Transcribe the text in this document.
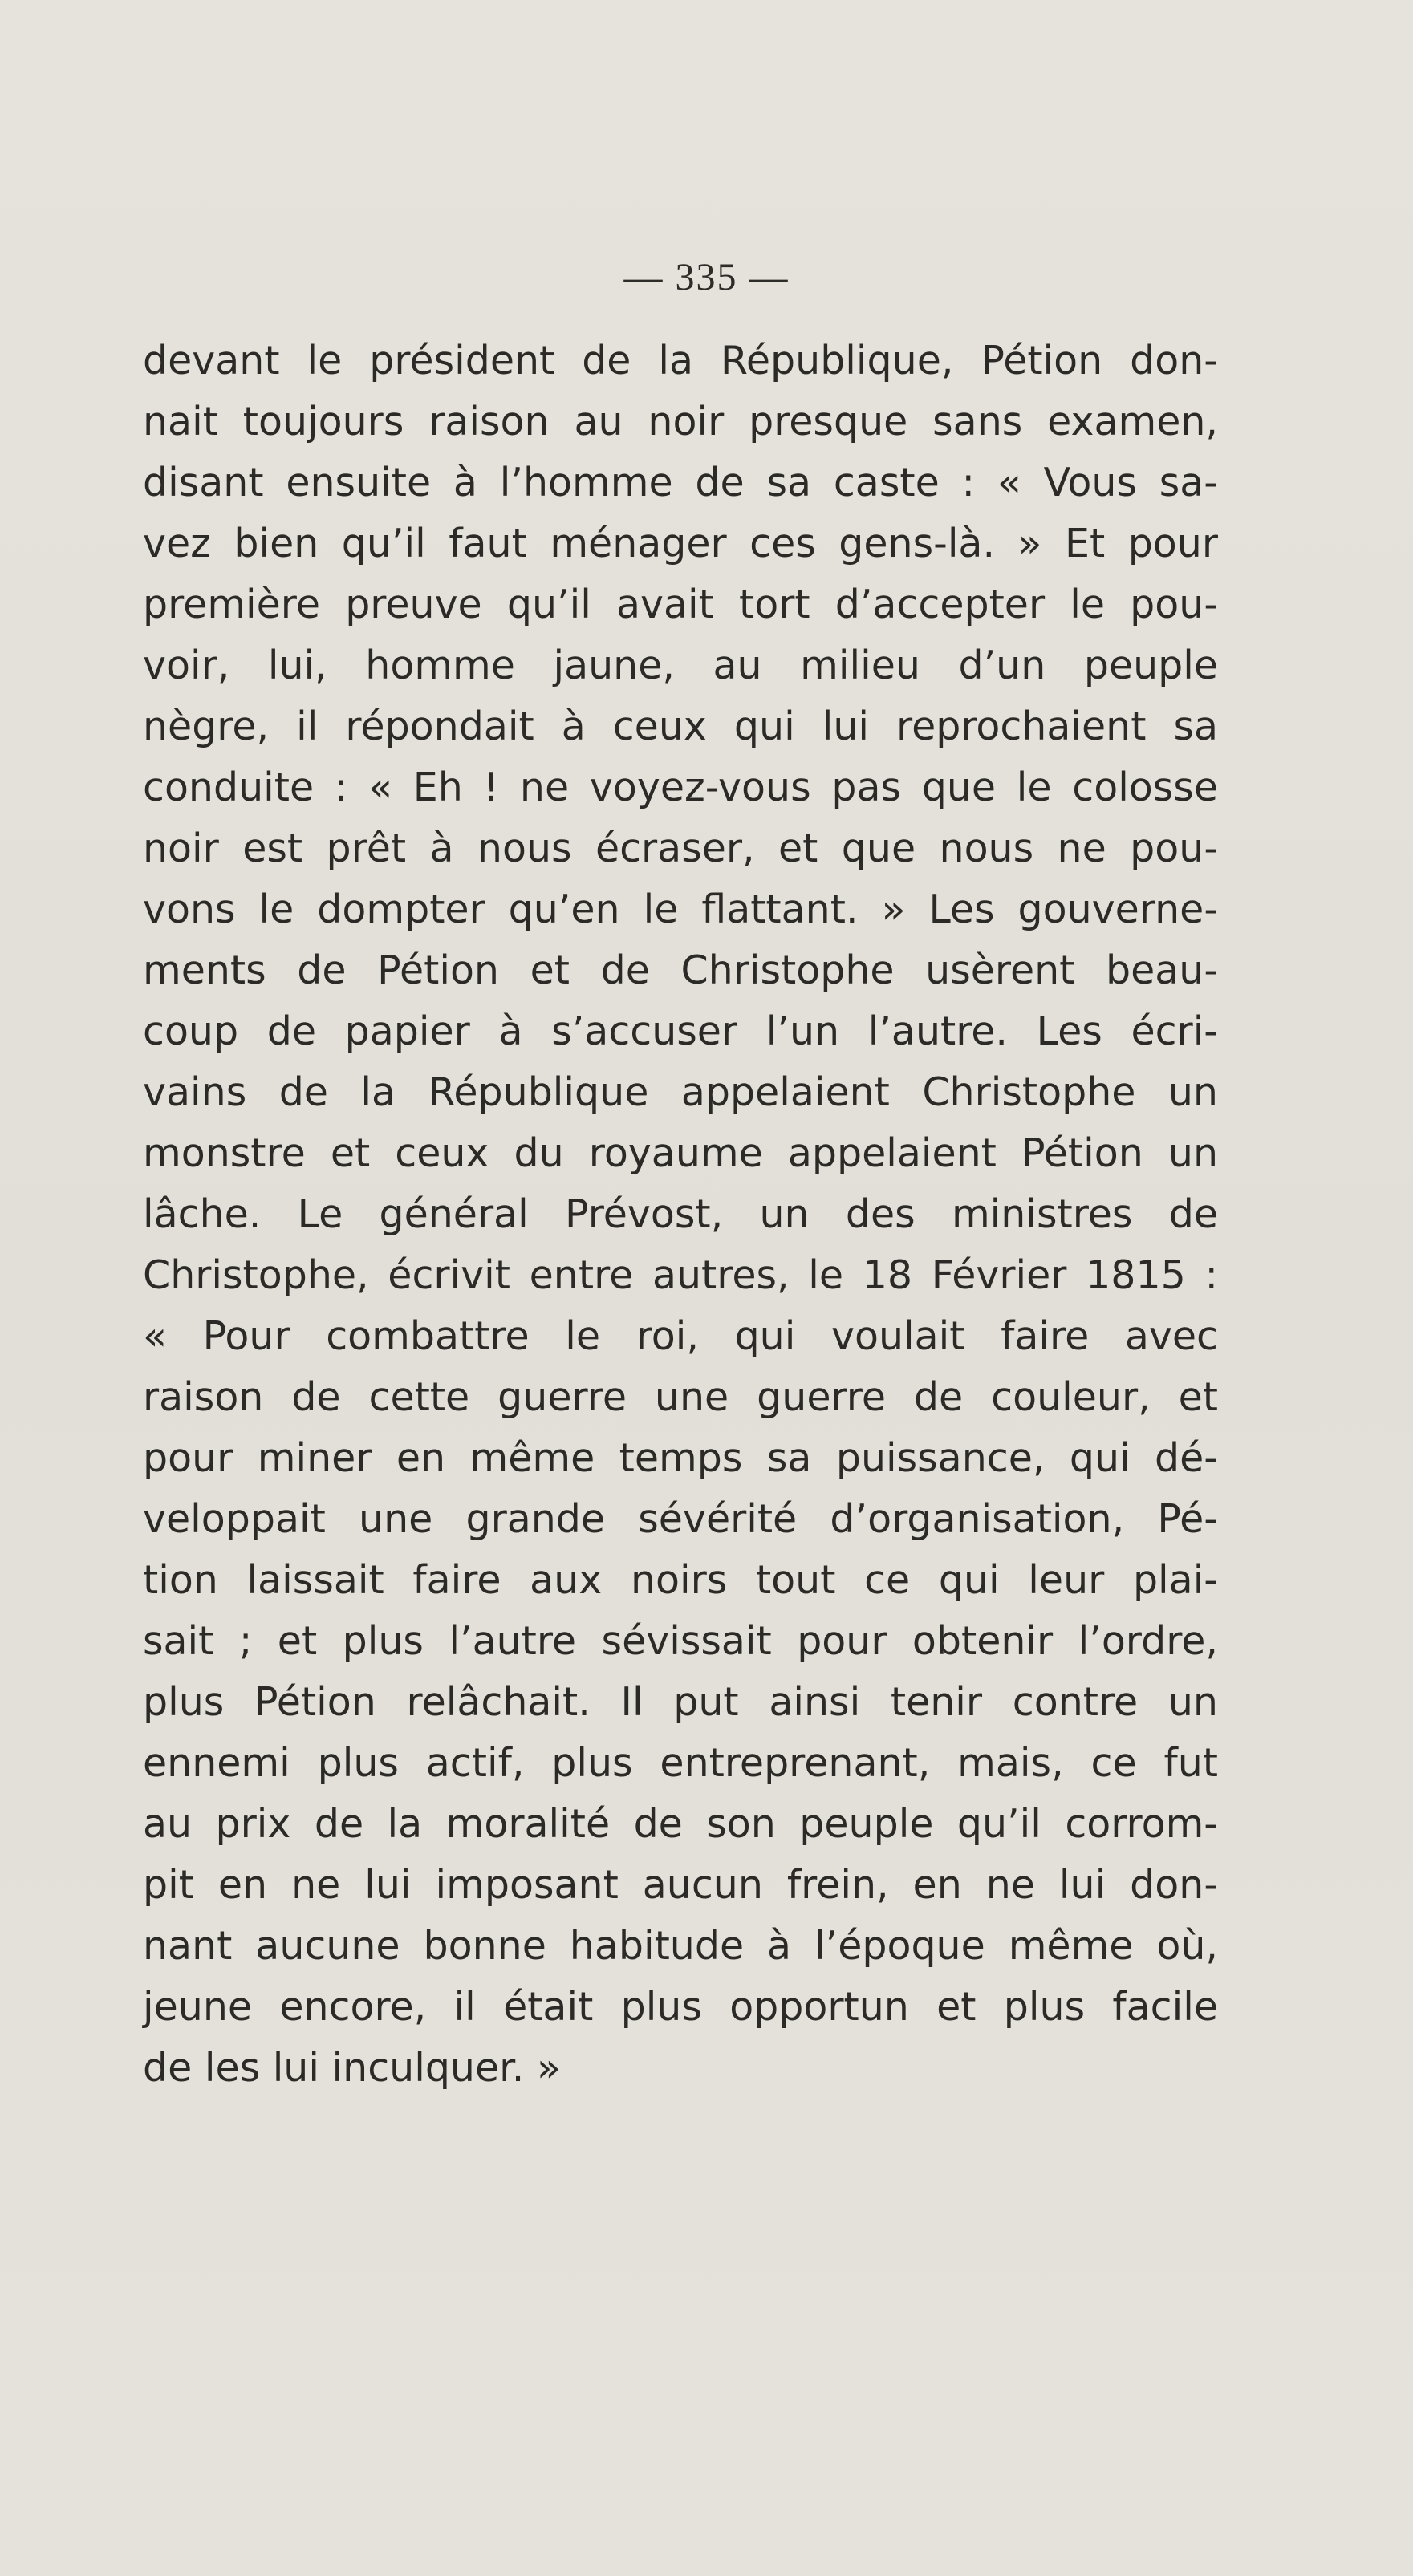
— 335 —

devant le président de la République, Pétion don-
nait toujours raison au noir presque sans examen,
disant ensuite à l’homme de sa caste : « Vous sa-
vez bien qu’il faut ménager ces gens-là. » Et pour
première preuve qu’il avait tort d’accepter le pou-
voir, lui, homme jaune, au milieu d’un peuple
nègre, il répondait à ceux qui lui reprochaient sa
conduite : « Eh ! ne voyez-vous pas que le colosse
noir est prêt à nous écraser, et que nous ne pou-
vons le dompter qu’en le flattant. » Les gouverne-
ments de Pétion et de Christophe usèrent beau-
coup de papier à s’accuser l’un l’autre. Les écri-
vains de la République appelaient Christophe un
monstre et ceux du royaume appelaient Pétion un
lâche. Le général Prévost, un des ministres de
Christophe, écrivit entre autres, le 18 Février 1815 :
« Pour combattre le roi, qui voulait faire avec
raison de cette guerre une guerre de couleur, et
pour miner en même temps sa puissance, qui dé-
veloppait une grande sévérité d’organisation, Pé-
tion laissait faire aux noirs tout ce qui leur plai-
sait ; et plus l’autre sévissait pour obtenir l’ordre,
plus Pétion relâchait. Il put ainsi tenir contre un
ennemi plus actif, plus entreprenant, mais, ce fut
au prix de la moralité de son peuple qu’il corrom-
pit en ne lui imposant aucun frein, en ne lui don-
nant aucune bonne habitude à l’époque même où,
jeune encore, il était plus opportun et plus facile
de les lui inculquer. »
